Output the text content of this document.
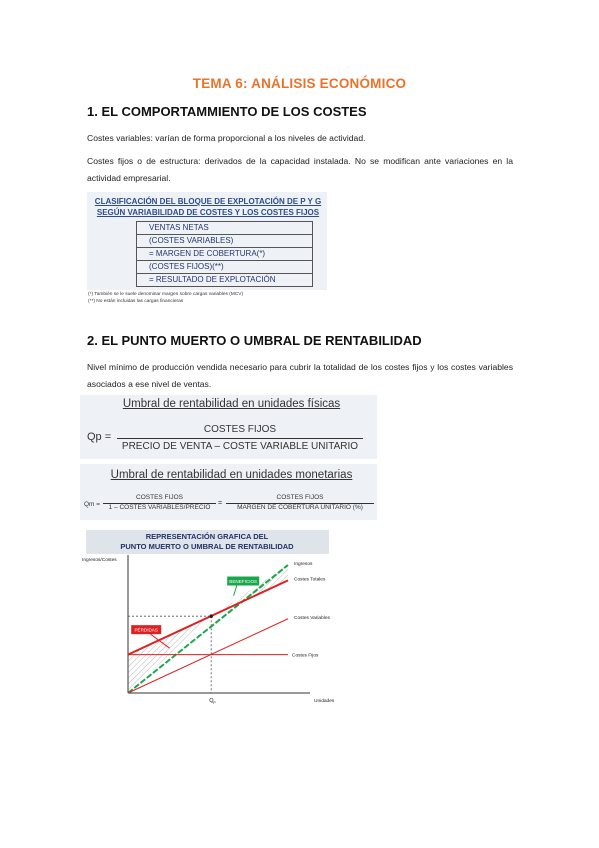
TEMA 6: ANÁLISIS ECONÓMICO
1. EL COMPORTAMMIENTO DE LOS COSTES
Costes variables: varían de forma proporcional a los niveles de actividad.
Costes fijos o de estructura: derivados de la capacidad instalada. No se modifican ante variaciones en la actividad empresarial.
CLASIFICACIÓN DEL BLOQUE DE EXPLOTACIÓN DE P Y G
SEGÚN VARIABILIDAD DE COSTES Y LOS COSTES FIJOS
VENTAS NETAS
(COSTES VARIABLES)
= MARGEN DE COBERTURA(*)
(COSTES FIJOS)(**)
= RESULTADO DE EXPLOTACIÓN
(*) También se le suele denominar margen sobre cargas variables (MCV)
(**) No están incluidas las cargas financieras
2. EL PUNTO MUERTO O UMBRAL DE RENTABILIDAD
Nivel mínimo de producción vendida necesario para cubrir la totalidad de los costes fijos y los costes variables asociados a ese nivel de ventas.
Umbral de rentabilidad en unidades físicas
Qp =
COSTES FIJOS
PRECIO DE VENTA – COSTE VARIABLE UNITARIO
Umbral de rentabilidad en unidades monetarias
Qm =
COSTES FIJOS
1 – COSTES VARIABLES/PRECIO
=
COSTES FIJOS
MARGEN DE COBERTURA UNITARIO (%)
REPRESENTACIÓN GRAFICA DEL
PUNTO MUERTO O UMBRAL DE RENTABILIDAD
Ingresos/Costes
Unidades
Q P
Ingresos
Costes Totales
Costes Variables
Costes Fijos
BENEFICIOS
PÉRDIDAS
